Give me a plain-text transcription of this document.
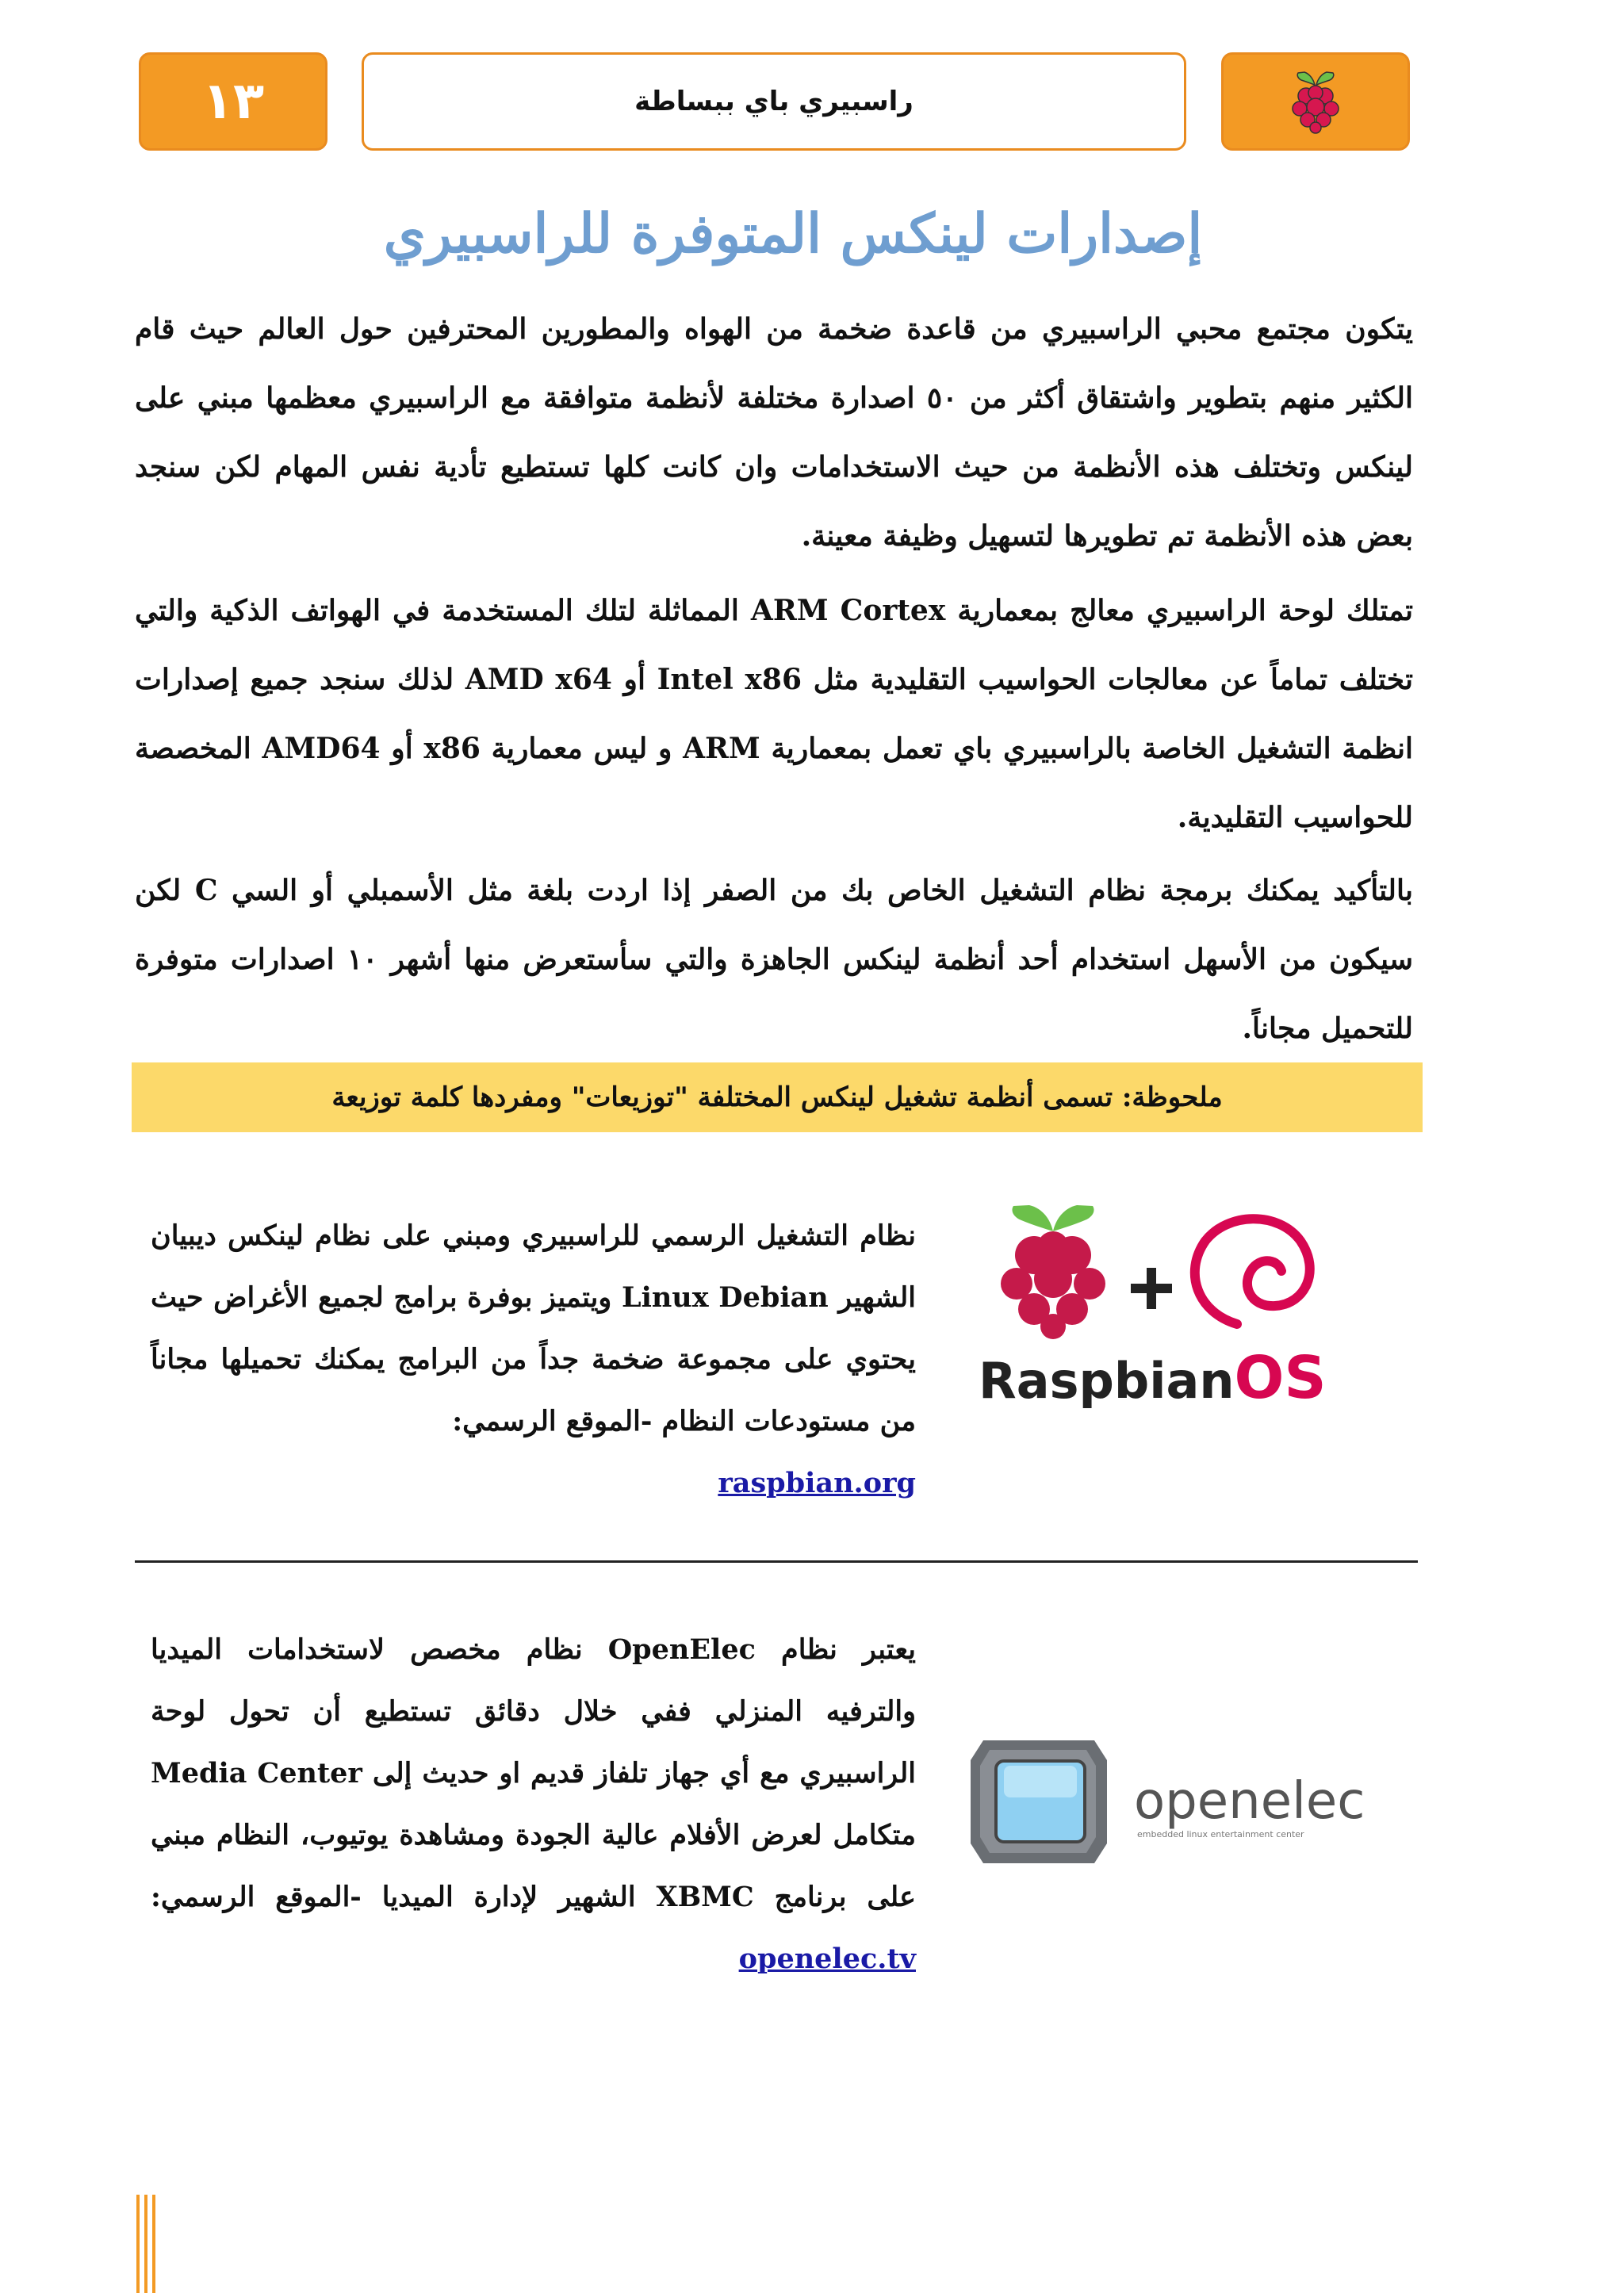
١٣	راسبيري باي ببساطة
إصدارات لينكس المتوفرة للراسبيري
يتكون مجتمع محبي الراسبيري من قاعدة ضخمة من الهواه والمطورين المحترفين حول العالم حيث قام الكثير منهم بتطوير واشتقاق أكثر من ٥٠ اصدارة مختلفة لأنظمة متوافقة مع الراسبيري معظمها مبني على لينكس وتختلف هذه الأنظمة من حيث الاستخدامات وان كانت كلها تستطيع تأدية نفس المهام لكن سنجد بعض هذه الأنظمة تم تطويرها لتسهيل وظيفة معينة.
تمتلك لوحة الراسبيري معالج بمعمارية ARM Cortex المماثلة لتلك المستخدمة في الهواتف الذكية والتي تختلف تماماً عن معالجات الحواسيب التقليدية مثل Intel x86 أو AMD x64 لذلك سنجد جميع إصدارات انظمة التشغيل الخاصة بالراسبيري باي تعمل بمعمارية ARM و ليس معمارية x86 أو AMD64 المخصصة للحواسيب التقليدية.
بالتأكيد يمكنك برمجة نظام التشغيل الخاص بك من الصفر إذا اردت بلغة مثل الأسمبلي أو السي C لكن سيكون من الأسهل استخدام أحد أنظمة لينكس الجاهزة والتي سأستعرض منها أشهر ١٠ اصدارات متوفرة للتحميل مجاناً.
ملحوظة: تسمى أنظمة تشغيل لينكس المختلفة "توزيعات" ومفردها كلمة توزيعة
RaspbianOS
نظام التشغيل الرسمي للراسبيري ومبني على نظام لينكس ديبيان الشهير Linux Debian ويتميز بوفرة برامج لجميع الأغراض حيث يحتوي على مجموعة ضخمة جداً من البرامج يمكنك تحميلها مجاناً من مستودعات النظام -الموقع الرسمي:
raspbian.org
openelec
embedded linux entertainment center
يعتبر نظام OpenElec نظام مخصص لاستخدامات الميديا والترفيه المنزلي ففي خلال دقائق تستطيع أن تحول لوحة الراسبيري مع أي جهاز تلفاز قديم او حديث إلى Media Center متكامل لعرض الأفلام عالية الجودة ومشاهدة يوتيوب، النظام مبني على برنامج XBMC الشهير لإدارة الميديا -الموقع الرسمي: openelec.tv
